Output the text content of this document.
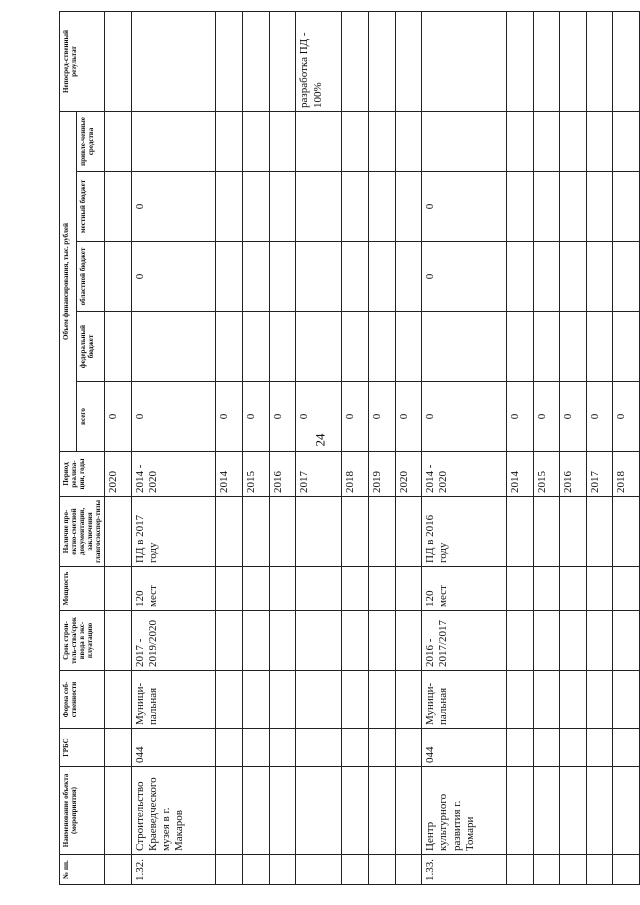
24
№ пп.	Наименование объекта (мероприятия)	ГРБС	Форма соб-ственности	Срок строи-тель-ства/срок ввода в экс-плуатацию	Мощность	Наличие про-ектно-сметной документации, заключения главгосэкспер-тизы	Период реализа-ции, годы	Объем финансирования, тыс. рублей					Непосред-ственный результат
								всего	федеральный бюджет	областной бюджет	местный бюджет	привле-ченные средства	
							2020	0					
1.32.	Строительство Краеведческого музея в г. Макаров	044	Муници-пальная	2017 - 2019/2020	120 мест	ПД в 2017 году	2014 - 2020	0		0	0		
							2014	0					
							2015	0					
							2016	0					
							2017	0					разработка ПД - 100%
							2018	0					
							2019	0					
							2020	0					
1.33.	Центр культурного развития г. Томари	044	Муници-пальная	2016 - 2017/2017	120 мест	ПД в 2016 году	2014 - 2020	0		0	0		
							2014	0					
							2015	0					
							2016	0					
							2017	0					
							2018	0					
